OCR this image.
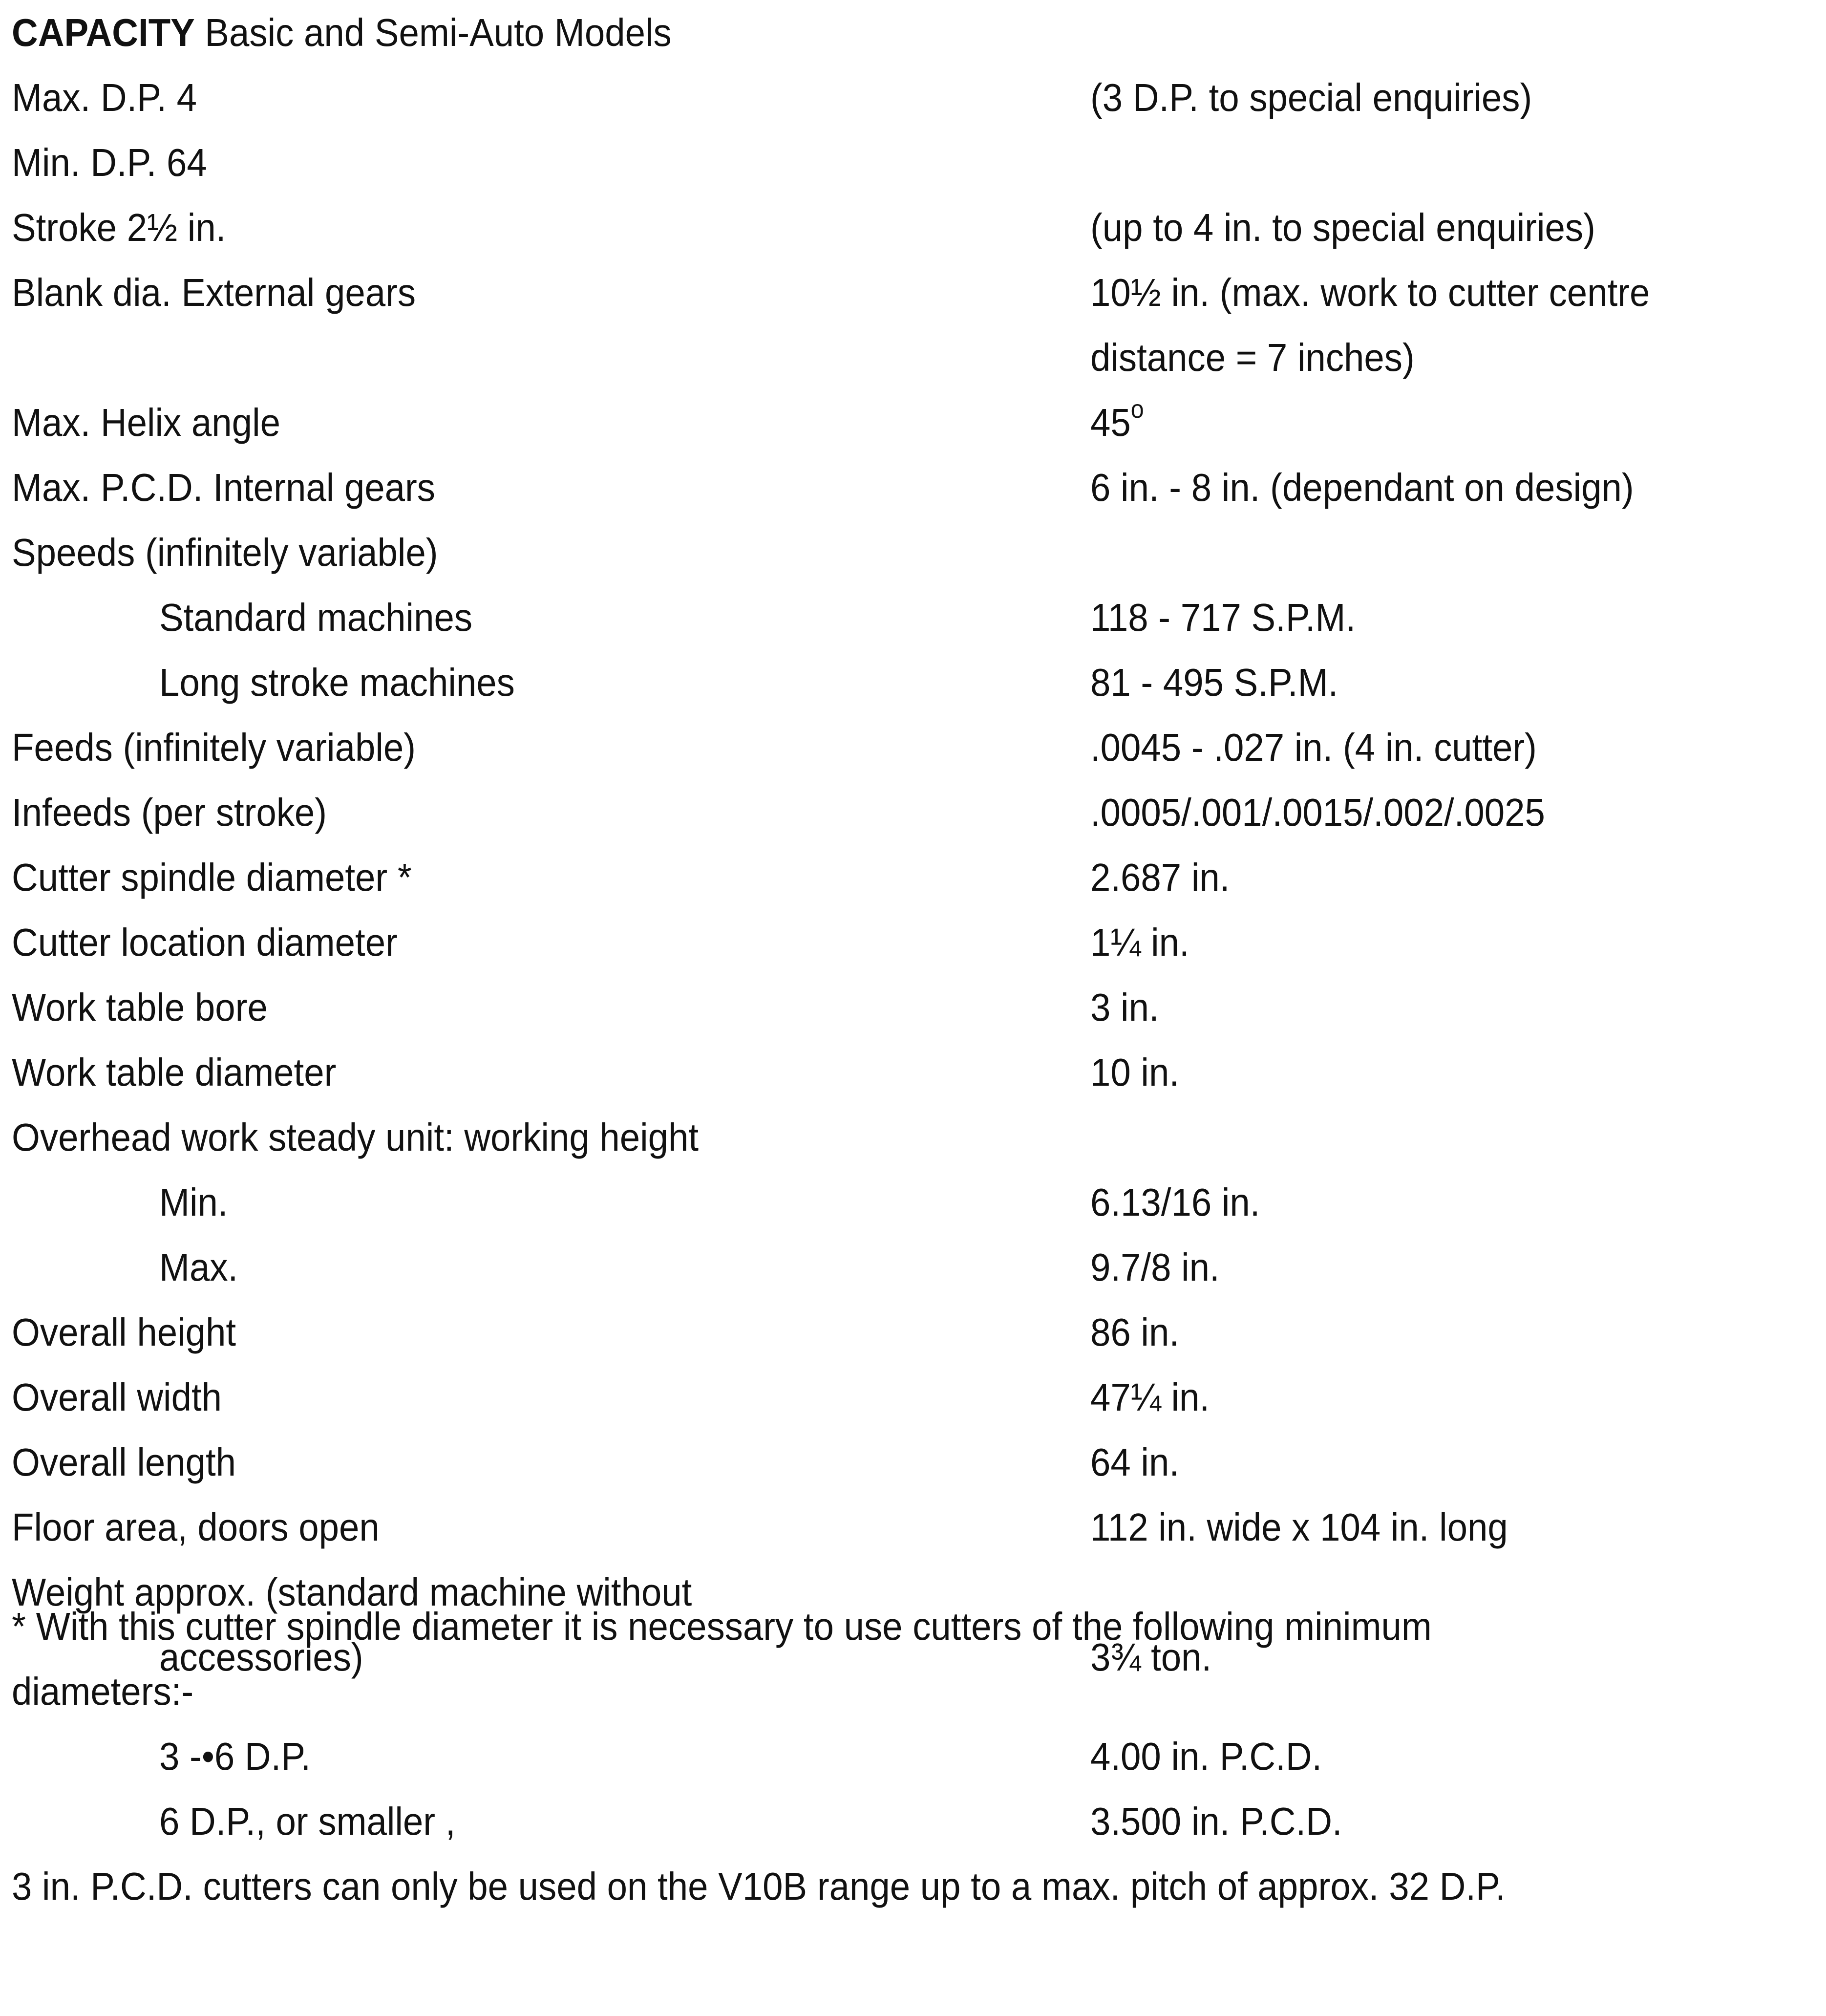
CAPACITY Basic and Semi-Auto Models
Max. D.P. 4	(3 D.P. to special enquiries)
Min. D.P. 64
Stroke 2½ in.	(up to 4 in. to special enquiries)
Blank dia. External gears	10½ in. (max. work to cutter centre
distance = 7 inches)
Max. Helix angle	45$^o$
Max. P.C.D. Internal gears	6 in. - 8 in. (dependant on design)
Speeds (infinitely variable)
Standard machines	118 - 717 S.P.M.
Long stroke machines	81 - 495 S.P.M.
Feeds (infinitely variable)	.0045 - .027 in. (4 in. cutter)
Infeeds (per stroke)	.0005/.001/.0015/.002/.0025
Cutter spindle diameter *	2.687 in.
Cutter location diameter	1¼ in.
Work table bore	3 in.
Work table diameter	10 in.
Overhead work steady unit: working height
Min.	6.13/16 in.
Max.	9.7/8 in.
Overall height	86 in.
Overall width	47¼ in.
Overall length	64 in.
Floor area, doors open	112 in. wide x 104 in. long
Weight approx. (standard machine without
accessories)	3¾ ton.
* With this cutter spindle diameter it is necessary to use cutters of the following minimum
diameters:-
3 -•6 D.P.	4.00 in. P.C.D.
6 D.P., or smaller ,	3.500 in. P.C.D.
3 in. P.C.D. cutters can only be used on the V10B range up to a max. pitch of approx. 32 D.P.
